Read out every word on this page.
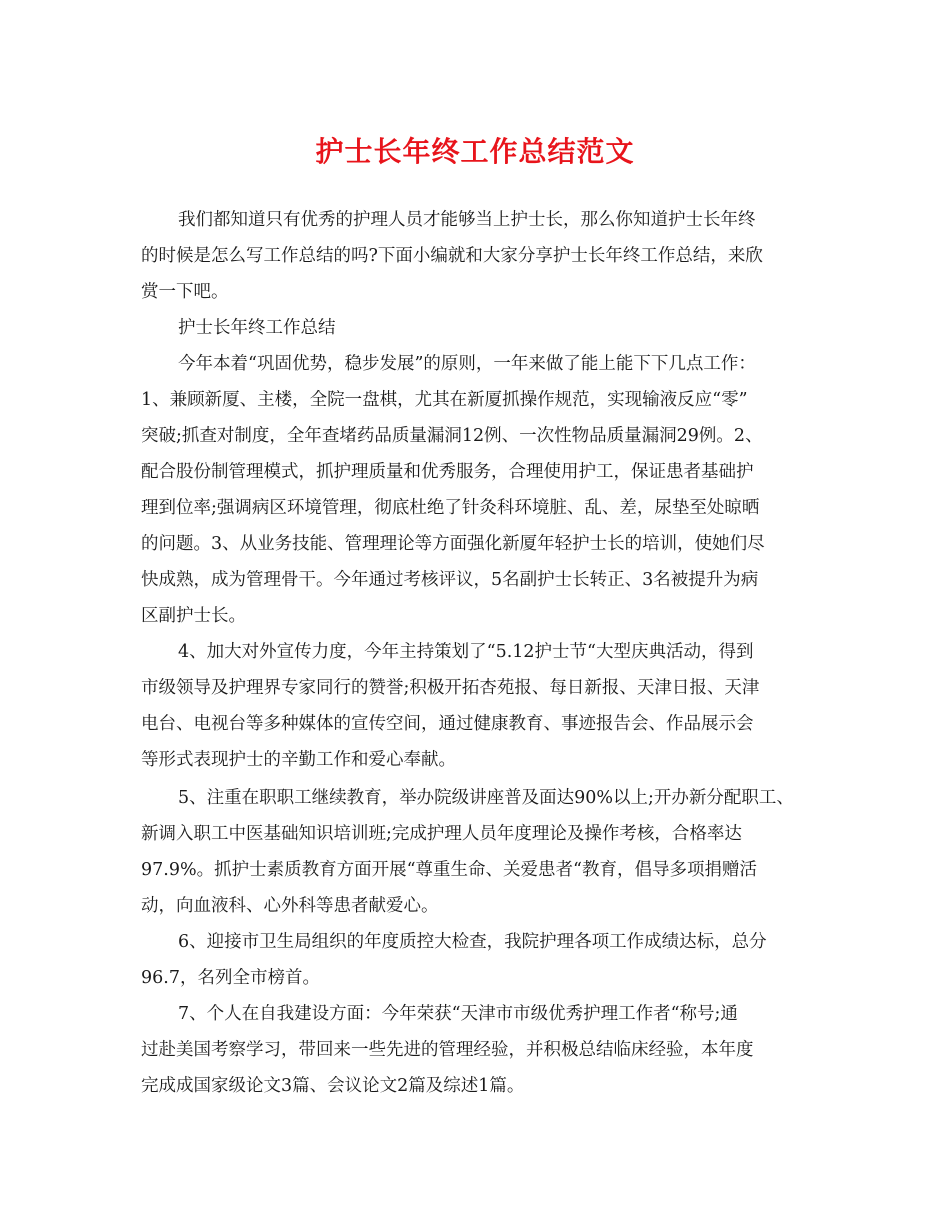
护士长年终工作总结范文

我们都知道只有优秀的护理人员才能够当上护士长，那么你知道护士长年终

的时候是怎么写工作总结的吗?下面小编就和大家分享护士长年终工作总结，来欣

赏一下吧。

护士长年终工作总结

今年本着“巩固优势，稳步发展”的原则，一年来做了能上能下下几点工作：

1、兼顾新厦、主楼，全院一盘棋，尤其在新厦抓操作规范，实现输液反应“零”

突破;抓查对制度，全年查堵药品质量漏洞12例、一次性物品质量漏洞29例。2、

配合股份制管理模式，抓护理质量和优秀服务，合理使用护工，保证患者基础护

理到位率;强调病区环境管理，彻底杜绝了针灸科环境脏、乱、差，尿垫至处晾晒

的问题。3、从业务技能、管理理论等方面强化新厦年轻护士长的培训，使她们尽

快成熟，成为管理骨干。今年通过考核评议，5名副护士长转正、3名被提升为病

区副护士长。

4、加大对外宣传力度，今年主持策划了“5.12护士节“大型庆典活动，得到

市级领导及护理界专家同行的赞誉;积极开拓杏苑报、每日新报、天津日报、天津

电台、电视台等多种媒体的宣传空间，通过健康教育、事迹报告会、作品展示会

等形式表现护士的辛勤工作和爱心奉献。

5、注重在职职工继续教育，举办院级讲座普及面达90%以上;开办新分配职工、

新调入职工中医基础知识培训班;完成护理人员年度理论及操作考核，合格率达

97.9%。抓护士素质教育方面开展“尊重生命、关爱患者“教育，倡导多项捐赠活

动，向血液科、心外科等患者献爱心。

6、迎接市卫生局组织的年度质控大检查，我院护理各项工作成绩达标，总分

96.7，名列全市榜首。

7、个人在自我建设方面：今年荣获“天津市市级优秀护理工作者“称号;通

过赴美国考察学习，带回来一些先进的管理经验，并积极总结临床经验，本年度

完成成国家级论文3篇、会议论文2篇及综述1篇。
